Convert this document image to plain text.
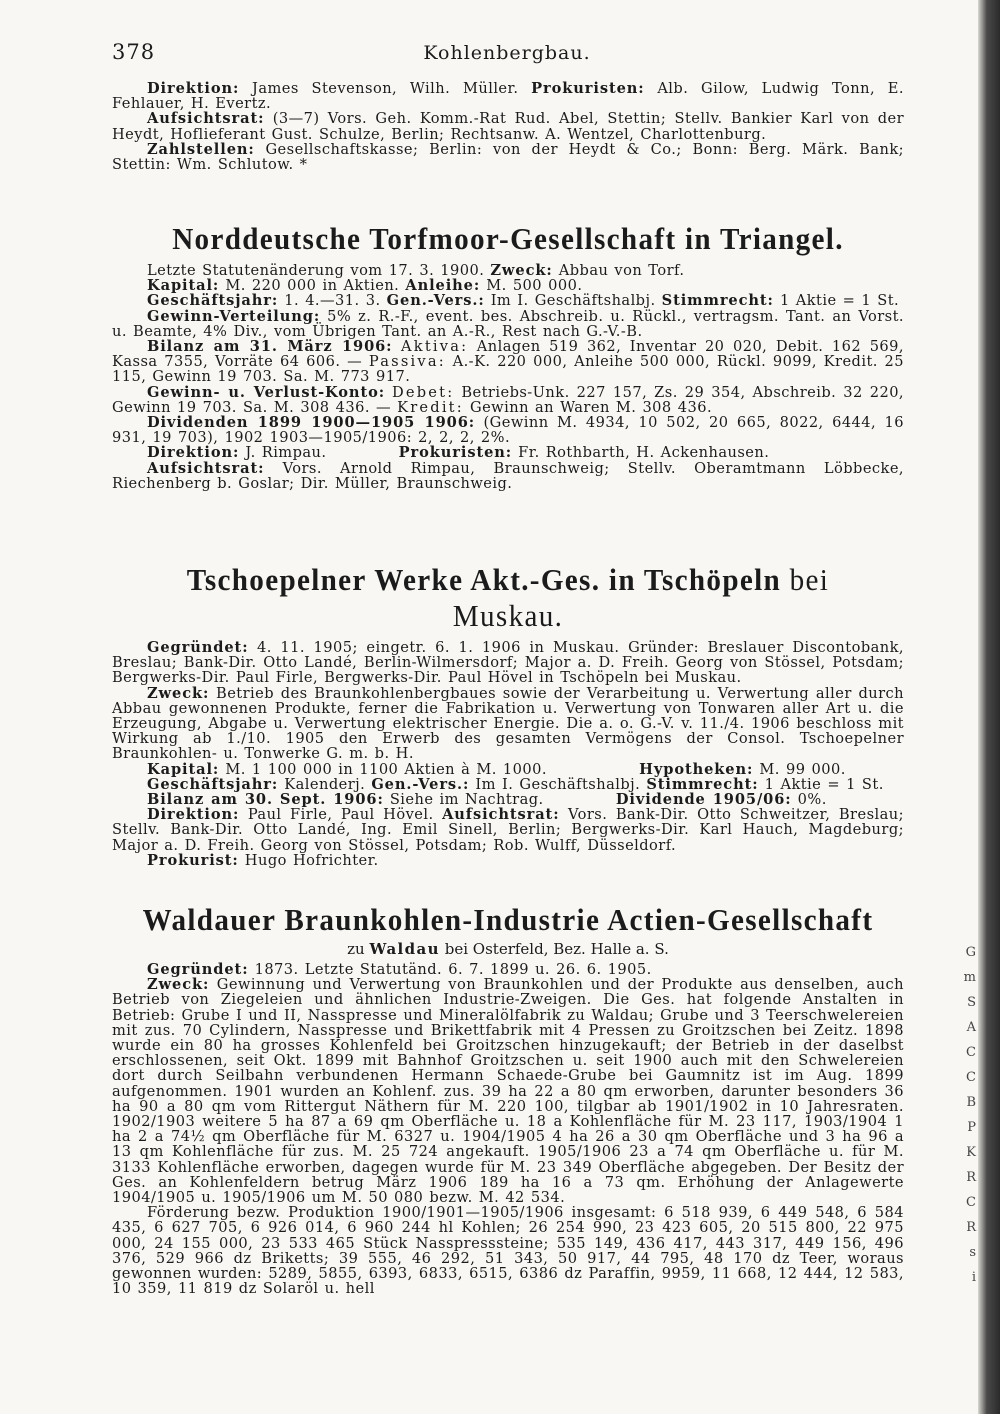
378	Kohlenbergbau.

Direktion: James Stevenson, Wilh. Müller. Prokuristen: Alb. Gilow, Ludwig Tonn, E. Fehlauer, H. Evertz.

Aufsichtsrat: (3—7) Vors. Geh. Komm.-Rat Rud. Abel, Stettin; Stellv. Bankier Karl von der Heydt, Hoflieferant Gust. Schulze, Berlin; Rechtsanw. A. Wentzel, Charlottenburg.

Zahlstellen: Gesellschaftskasse; Berlin: von der Heydt & Co.; Bonn: Berg. Märk. Bank; Stettin: Wm. Schlutow. *

Norddeutsche Torfmoor-Gesellschaft in Triangel.

Letzte Statutenänderung vom 17. 3. 1900. Zweck: Abbau von Torf.

Kapital: M. 220 000 in Aktien. Anleihe: M. 500 000.

Geschäftsjahr: 1. 4.—31. 3. Gen.-Vers.: Im I. Geschäftshalbj. Stimmrecht: 1 Aktie = 1 St.

Gewinn-Verteilung: 5% z. R.-F., event. bes. Abschreib. u. Rückl., vertragsm. Tant. an Vorst. u. Beamte, 4% Div., vom Übrigen Tant. an A.-R., Rest nach G.-V.-B.

Bilanz am 31. März 1906: Aktiva: Anlagen 519 362, Inventar 20 020, Debit. 162 569, Kassa 7355, Vorräte 64 606. — Passiva: A.-K. 220 000, Anleihe 500 000, Rückl. 9099, Kredit. 25 115, Gewinn 19 703. Sa. M. 773 917.

Gewinn- u. Verlust-Konto: Debet: Betriebs-Unk. 227 157, Zs. 29 354, Abschreib. 32 220, Gewinn 19 703. Sa. M. 308 436. — Kredit: Gewinn an Waren M. 308 436.

Dividenden 1899 1900—1905 1906: (Gewinn M. 4934, 10 502, 20 665, 8022, 6444, 16 931, 19 703), 1902 1903—1905/1906: 2, 2, 2, 2%.

Direktion: J. Rimpau.	Prokuristen: Fr. Rothbarth, H. Ackenhausen.

Aufsichtsrat: Vors. Arnold Rimpau, Braunschweig; Stellv. Oberamtmann Löbbecke, Riechenberg b. Goslar; Dir. Müller, Braunschweig.

Tschoepelner Werke Akt.-Ges. in Tschöpeln bei Muskau.

Gegründet: 4. 11. 1905; eingetr. 6. 1. 1906 in Muskau. Gründer: Breslauer Discontobank, Breslau; Bank-Dir. Otto Landé, Berlin-Wilmersdorf; Major a. D. Freih. Georg von Stössel, Potsdam; Bergwerks-Dir. Paul Firle, Bergwerks-Dir. Paul Hövel in Tschöpeln bei Muskau.

Zweck: Betrieb des Braunkohlenbergbaues sowie der Verarbeitung u. Verwertung aller durch Abbau gewonnenen Produkte, ferner die Fabrikation u. Verwertung von Tonwaren aller Art u. die Erzeugung, Abgabe u. Verwertung elektrischer Energie. Die a. o. G.-V. v. 11./4. 1906 beschloss mit Wirkung ab 1./10. 1905 den Erwerb des gesamten Vermögens der Consol. Tschoepelner Braunkohlen- u. Tonwerke G. m. b. H.

Kapital: M. 1 100 000 in 1100 Aktien à M. 1000.	Hypotheken: M. 99 000.

Geschäftsjahr: Kalenderj. Gen.-Vers.: Im I. Geschäftshalbj. Stimmrecht: 1 Aktie = 1 St.

Bilanz am 30. Sept. 1906: Siehe im Nachtrag.	Dividende 1905/06: 0%.

Direktion: Paul Firle, Paul Hövel. Aufsichtsrat: Vors. Bank-Dir. Otto Schweitzer, Breslau; Stellv. Bank-Dir. Otto Landé, Ing. Emil Sinell, Berlin; Bergwerks-Dir. Karl Hauch, Magdeburg; Major a. D. Freih. Georg von Stössel, Potsdam; Rob. Wulff, Düsseldorf.

Prokurist: Hugo Hofrichter.

Waldauer Braunkohlen-Industrie Actien-Gesellschaft
zu Waldau bei Osterfeld, Bez. Halle a. S.

Gegründet: 1873. Letzte Statutänd. 6. 7. 1899 u. 26. 6. 1905.

Zweck: Gewinnung und Verwertung von Braunkohlen und der Produkte aus denselben, auch Betrieb von Ziegeleien und ähnlichen Industrie-Zweigen. Die Ges. hat folgende Anstalten in Betrieb: Grube I und II, Nasspresse und Mineralölfabrik zu Waldau; Grube und 3 Teerschwelereien mit zus. 70 Cylindern, Nasspresse und Brikettfabrik mit 4 Pressen zu Groitzschen bei Zeitz. 1898 wurde ein 80 ha grosses Kohlenfeld bei Groitzschen hinzugekauft; der Betrieb in der daselbst erschlossenen, seit Okt. 1899 mit Bahnhof Groitzschen u. seit 1900 auch mit den Schwelereien dort durch Seilbahn verbundenen Hermann Schaede-Grube bei Gaumnitz ist im Aug. 1899 aufgenommen. 1901 wurden an Kohlenf. zus. 39 ha 22 a 80 qm erworben, darunter besonders 36 ha 90 a 80 qm vom Rittergut Näthern für M. 220 100, tilgbar ab 1901/1902 in 10 Jahresraten. 1902/1903 weitere 5 ha 87 a 69 qm Oberfläche u. 18 a Kohlenfläche für M. 23 117, 1903/1904 1 ha 2 a 74½ qm Oberfläche für M. 6327 u. 1904/1905 4 ha 26 a 30 qm Oberfläche und 3 ha 96 a 13 qm Kohlenfläche für zus. M. 25 724 angekauft. 1905/1906 23 a 74 qm Oberfläche u. für M. 3133 Kohlenfläche erworben, dagegen wurde für M. 23 349 Oberfläche abgegeben. Der Besitz der Ges. an Kohlenfeldern betrug März 1906 189 ha 16 a 73 qm. Erhöhung der Anlagewerte 1904/1905 u. 1905/1906 um M. 50 080 bezw. M. 42 534.

Förderung bezw. Produktion 1900/1901—1905/1906 insgesamt: 6 518 939, 6 449 548, 6 584 435, 6 627 705, 6 926 014, 6 960 244 hl Kohlen; 26 254 990, 23 423 605, 20 515 800, 22 975 000, 24 155 000, 23 533 465 Stück Nasspresssteine; 535 149, 436 417, 443 317, 449 156, 496 376, 529 966 dz Briketts; 39 555, 46 292, 51 343, 50 917, 44 795, 48 170 dz Teer, woraus gewonnen wurden: 5289, 5855, 6393, 6833, 6515, 6386 dz Paraffin, 9959, 11 668, 12 444, 12 583, 10 359, 11 819 dz Solaröl u. hell

G
m
S
A
C
C
B
P
K
R
C
R
s
i
